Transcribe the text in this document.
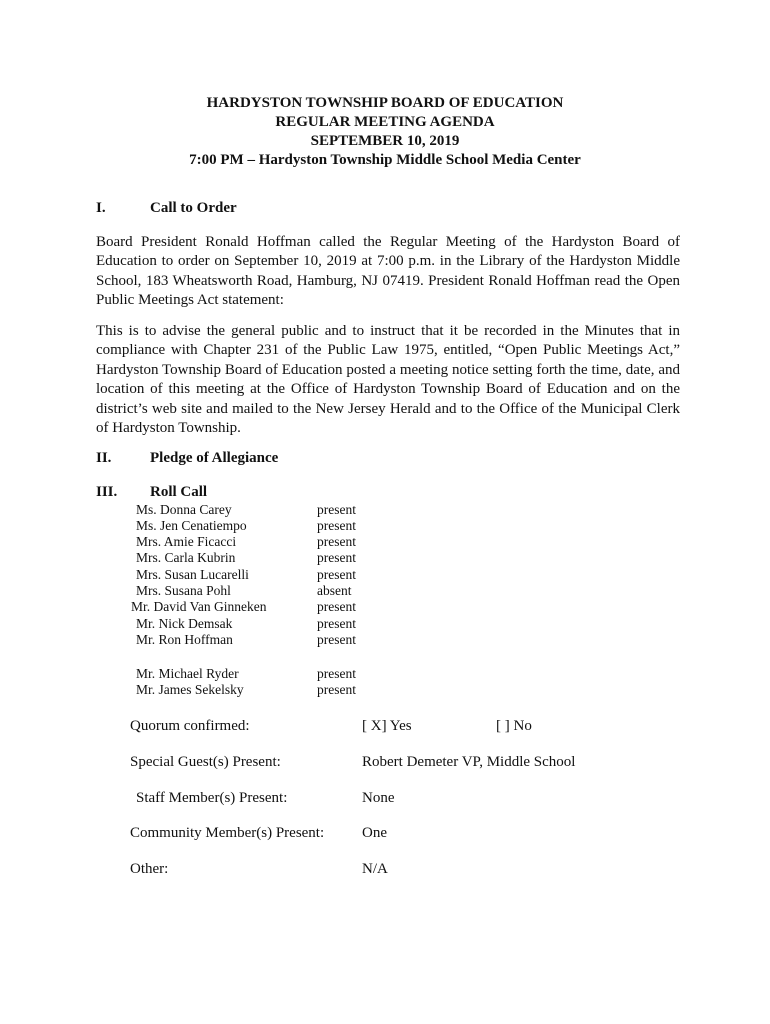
HARDYSTON TOWNSHIP BOARD OF EDUCATION
REGULAR MEETING AGENDA
SEPTEMBER 10, 2019
7:00 PM – Hardyston Township Middle School Media Center
I.	Call to Order
Board President Ronald Hoffman called the Regular Meeting of the Hardyston Board of Education to order on September 10, 2019 at 7:00 p.m. in the Library of the Hardyston Middle School, 183 Wheatsworth Road, Hamburg, NJ 07419. President Ronald Hoffman read the Open Public Meetings Act statement:
This is to advise the general public and to instruct that it be recorded in the Minutes that in compliance with Chapter 231 of the Public Law 1975, entitled, “Open Public Meetings Act,” Hardyston Township Board of Education posted a meeting notice setting forth the time, date, and location of this meeting at the Office of Hardyston Township Board of Education and on the district’s web site and mailed to the New Jersey Herald and to the Office of the Municipal Clerk of Hardyston Township.
II.	Pledge of Allegiance
III. Roll Call
Ms. Donna Carey	present
Ms. Jen Cenatiempo	present
Mrs. Amie Ficacci	present
Mrs. Carla Kubrin	present
Mrs. Susan Lucarelli	present
Mrs. Susana Pohl	absent
Mr. David Van Ginneken	present
Mr. Nick Demsak	present
Mr. Ron Hoffman	present
Mr. Michael Ryder	present
Mr. James Sekelsky	present
Quorum confirmed:	[ X] Yes	[ ] No
Special Guest(s) Present:	Robert Demeter VP, Middle School
Staff Member(s) Present:	None
Community Member(s) Present:	One
Other:	N/A
